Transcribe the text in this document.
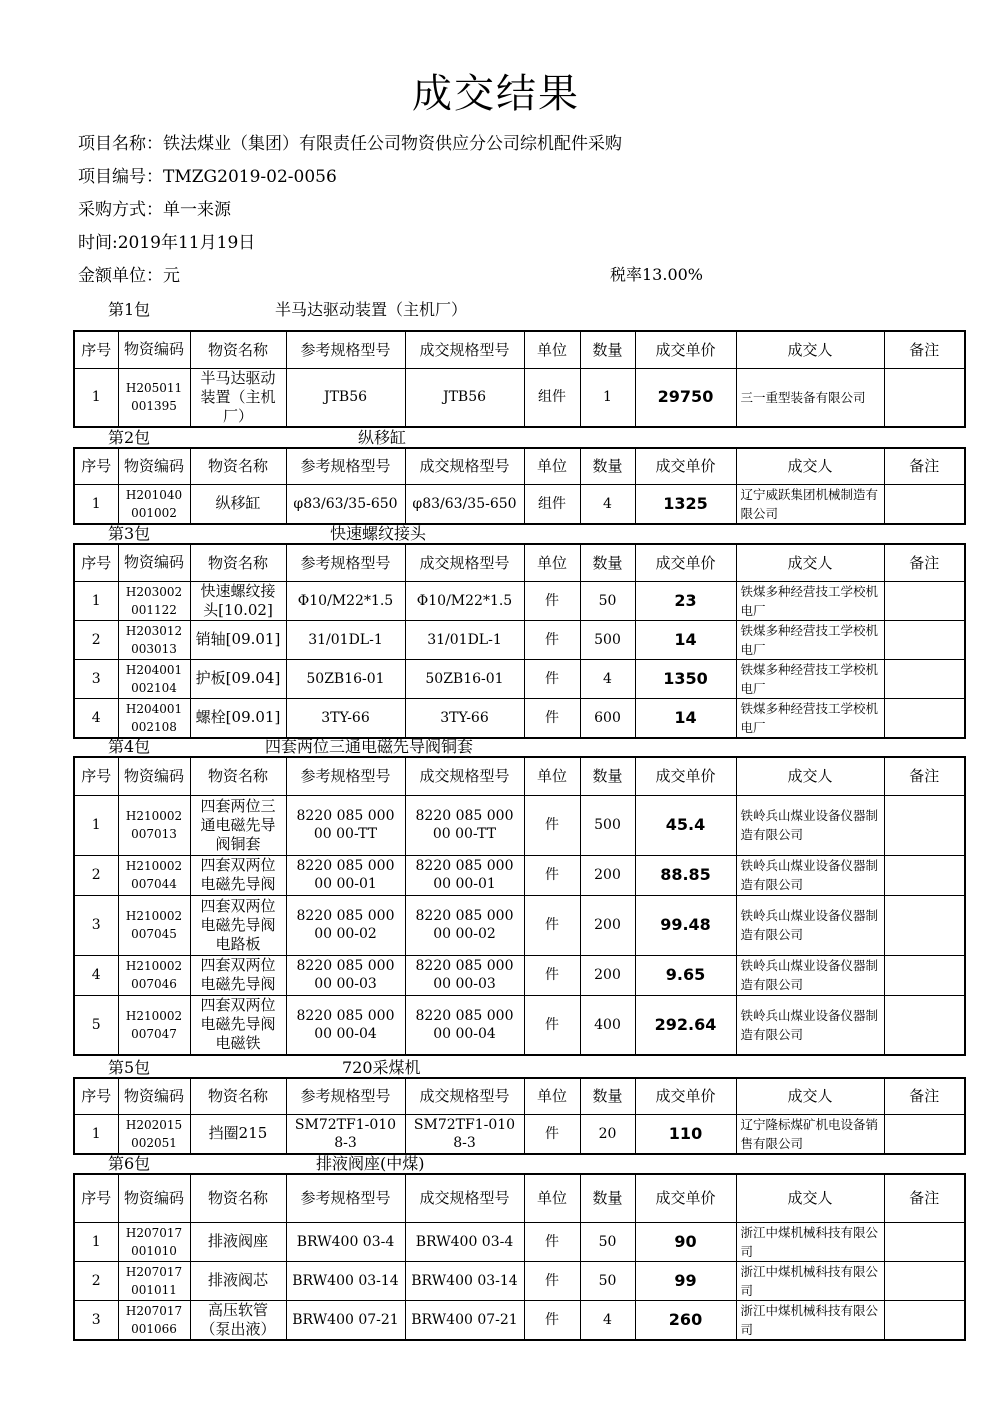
成交结果
项目名称：铁法煤业（集团）有限责任公司物资供应分公司综机配件采购
项目编号：TMZG2019-02-0056
采购方式：单一来源
时间:2019年11月19日
金额单位：元	税率13.00%
第1包	半马达驱动装置（主机厂）
序号	物资编码	物资名称	参考规格型号	成交规格型号	单位	数量	成交单价	成交人	备注
1	H205011001395	半马达驱动装置（主机厂）	JTB56	JTB56	组件	1	29750	三一重型装备有限公司	
第2包	纵移缸
序号	物资编码	物资名称	参考规格型号	成交规格型号	单位	数量	成交单价	成交人	备注
1	H201040001002	纵移缸	φ83/63/35-650	φ83/63/35-650	组件	4	1325	辽宁威跃集团机械制造有限公司	
第3包	快速螺纹接头
序号	物资编码	物资名称	参考规格型号	成交规格型号	单位	数量	成交单价	成交人	备注
1	H203002001122	快速螺纹接头[10.02]	Φ10/M22*1.5	Φ10/M22*1.5	件	50	23	铁煤多种经营技工学校机电厂	
2	H203012003013	销轴[09.01]	31/01DL-1	31/01DL-1	件	500	14	铁煤多种经营技工学校机电厂	
3	H204001002104	护板[09.04]	50ZB16-01	50ZB16-01	件	4	1350	铁煤多种经营技工学校机电厂	
4	H204001002108	螺栓[09.01]	3TY-66	3TY-66	件	600	14	铁煤多种经营技工学校机电厂	
第4包	四套两位三通电磁先导阀铜套
序号	物资编码	物资名称	参考规格型号	成交规格型号	单位	数量	成交单价	成交人	备注
1	H210002007013	四套两位三通电磁先导阀铜套	8220 085 000 00 00-TT	8220 085 000 00 00-TT	件	500	45.4	铁岭兵山煤业设备仪器制造有限公司	
2	H210002007044	四套双两位电磁先导阀	8220 085 000 00 00-01	8220 085 000 00 00-01	件	200	88.85	铁岭兵山煤业设备仪器制造有限公司	
3	H210002007045	四套双两位电磁先导阀电路板	8220 085 000 00 00-02	8220 085 000 00 00-02	件	200	99.48	铁岭兵山煤业设备仪器制造有限公司	
4	H210002007046	四套双两位电磁先导阀	8220 085 000 00 00-03	8220 085 000 00 00-03	件	200	9.65	铁岭兵山煤业设备仪器制造有限公司	
5	H210002007047	四套双两位电磁先导阀电磁铁	8220 085 000 00 00-04	8220 085 000 00 00-04	件	400	292.64	铁岭兵山煤业设备仪器制造有限公司	
第5包	720采煤机
序号	物资编码	物资名称	参考规格型号	成交规格型号	单位	数量	成交单价	成交人	备注
1	H202015002051	挡圈215	SM72TF1-0108-3	SM72TF1-0108-3	件	20	110	辽宁隆标煤矿机电设备销售有限公司	
第6包	排液阀座(中煤)
序号	物资编码	物资名称	参考规格型号	成交规格型号	单位	数量	成交单价	成交人	备注
1	H207017001010	排液阀座	BRW400 03-4	BRW400 03-4	件	50	90	浙江中煤机械科技有限公司	
2	H207017001011	排液阀芯	BRW400 03-14	BRW400 03-14	件	50	99	浙江中煤机械科技有限公司	
3	H207017001066	高压软管（泵出液）	BRW400 07-21	BRW400 07-21	件	4	260	浙江中煤机械科技有限公司	
